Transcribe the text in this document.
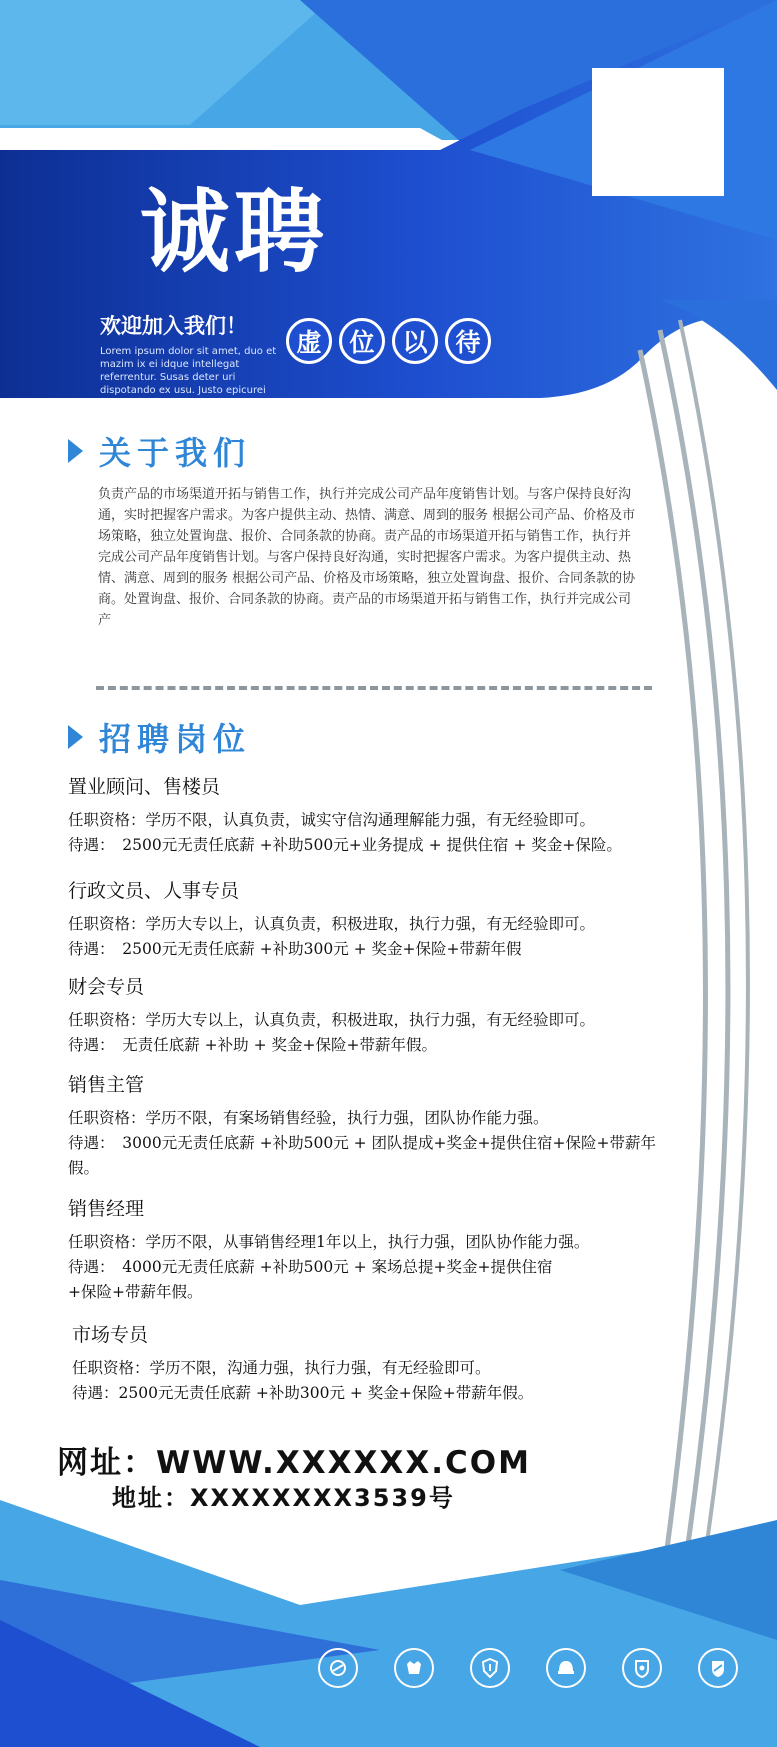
诚聘
欢迎加入我们！
Lorem ipsum dolor sit amet, duo et mazim ix ei idque intellegat referrentur. Susas deter uri dispotando ex usu. Justo epicurei
虚	位	以	待
关于我们
负责产品的市场渠道开拓与销售工作，执行并完成公司产品年度销售计划。与客户保持良好沟通，实时把握客户需求。为客户提供主动、热情、满意、周到的服务 根据公司产品、价格及市场策略，独立处置询盘、报价、合同条款的协商。责产品的市场渠道开拓与销售工作，执行并完成公司产品年度销售计划。与客户保持良好沟通，实时把握客户需求。为客户提供主动、热情、满意、周到的服务 根据公司产品、价格及市场策略，独立处置询盘、报价、合同条款的协商。处置询盘、报价、合同条款的协商。责产品的市场渠道开拓与销售工作，执行并完成公司产
招聘岗位
置业顾问、售楼员
任职资格：学历不限，认真负责，诚实守信沟通理解能力强，有无经验即可。
待遇：　2500元无责任底薪 +补助500元+业务提成 + 提供住宿 + 奖金+保险。
行政文员、人事专员
任职资格：学历大专以上，认真负责，积极进取，执行力强，有无经验即可。
待遇：　2500元无责任底薪 +补助300元 + 奖金+保险+带薪年假
财会专员
任职资格：学历大专以上，认真负责，积极进取，执行力强，有无经验即可。
待遇：　无责任底薪 +补助 + 奖金+保险+带薪年假。
销售主管
任职资格：学历不限，有案场销售经验，执行力强，团队协作能力强。
待遇：　3000元无责任底薪 +补助500元 + 团队提成+奖金+提供住宿+保险+带薪年假。
销售经理
任职资格：学历不限，从事销售经理1年以上，执行力强，团队协作能力强。
待遇：　4000元无责任底薪 +补助500元 + 案场总提+奖金+提供住宿+保险+带薪年假。
市场专员
任职资格：学历不限，沟通力强，执行力强，有无经验即可。
待遇：2500元无责任底薪 +补助300元 + 奖金+保险+带薪年假。
网址：WWW.XXXXXX.COM
地址：XXXXXXXX3539号
